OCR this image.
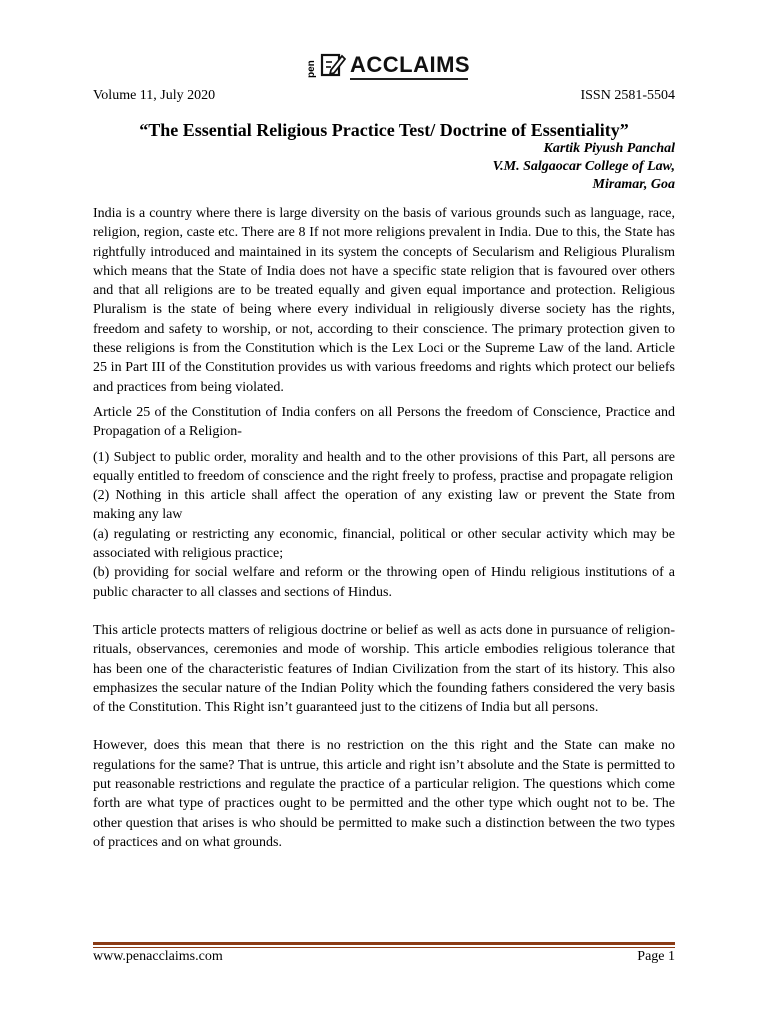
pen ACCLAIMS
Volume 11, July 2020	ISSN 2581-5504
“The Essential Religious Practice Test/ Doctrine of Essentiality”
Kartik Piyush Panchal
V.M. Salgaocar College of Law,
Miramar, Goa

India is a country where there is large diversity on the basis of various grounds such as language, race, religion, region, caste etc. There are 8 If not more religions prevalent in India. Due to this, the State has rightfully introduced and maintained in its system the concepts of Secularism and Religious Pluralism which means that the State of India does not have a specific state religion that is favoured over others and that all religions are to be treated equally and given equal importance and protection. Religious Pluralism is the state of being where every individual in religiously diverse society has the rights, freedom and safety to worship, or not, according to their conscience. The primary protection given to these religions is from the Constitution which is the Lex Loci or the Supreme Law of the land. Article 25 in Part III of the Constitution provides us with various freedoms and rights which protect our beliefs and practices from being violated.

Article 25 of the Constitution of India confers on all Persons the freedom of Conscience, Practice and Propagation of a Religion-

(1) Subject to public order, morality and health and to the other provisions of this Part, all persons are equally entitled to freedom of conscience and the right freely to profess, practise and propagate religion

(2) Nothing in this article shall affect the operation of any existing law or prevent the State from making any law

(a) regulating or restricting any economic, financial, political or other secular activity which may be associated with religious practice;

(b) providing for social welfare and reform or the throwing open of Hindu religious institutions of a public character to all classes and sections of Hindus.

This article protects matters of religious doctrine or belief as well as acts done in pursuance of religion- rituals, observances, ceremonies and mode of worship. This article embodies religious tolerance that has been one of the characteristic features of Indian Civilization from the start of its history. This also emphasizes the secular nature of the Indian Polity which the founding fathers considered the very basis of the Constitution. This Right isn’t guaranteed just to the citizens of India but all persons.

However, does this mean that there is no restriction on the this right and the State can make no regulations for the same? That is untrue, this article and right isn’t absolute and the State is permitted to put reasonable restrictions and regulate the practice of a particular religion. The questions which come forth are what type of practices ought to be permitted and the other type which ought not to be. The other question that arises is who should be permitted to make such a distinction between the two types of practices and on what grounds.

www.penacclaims.com	Page 1
